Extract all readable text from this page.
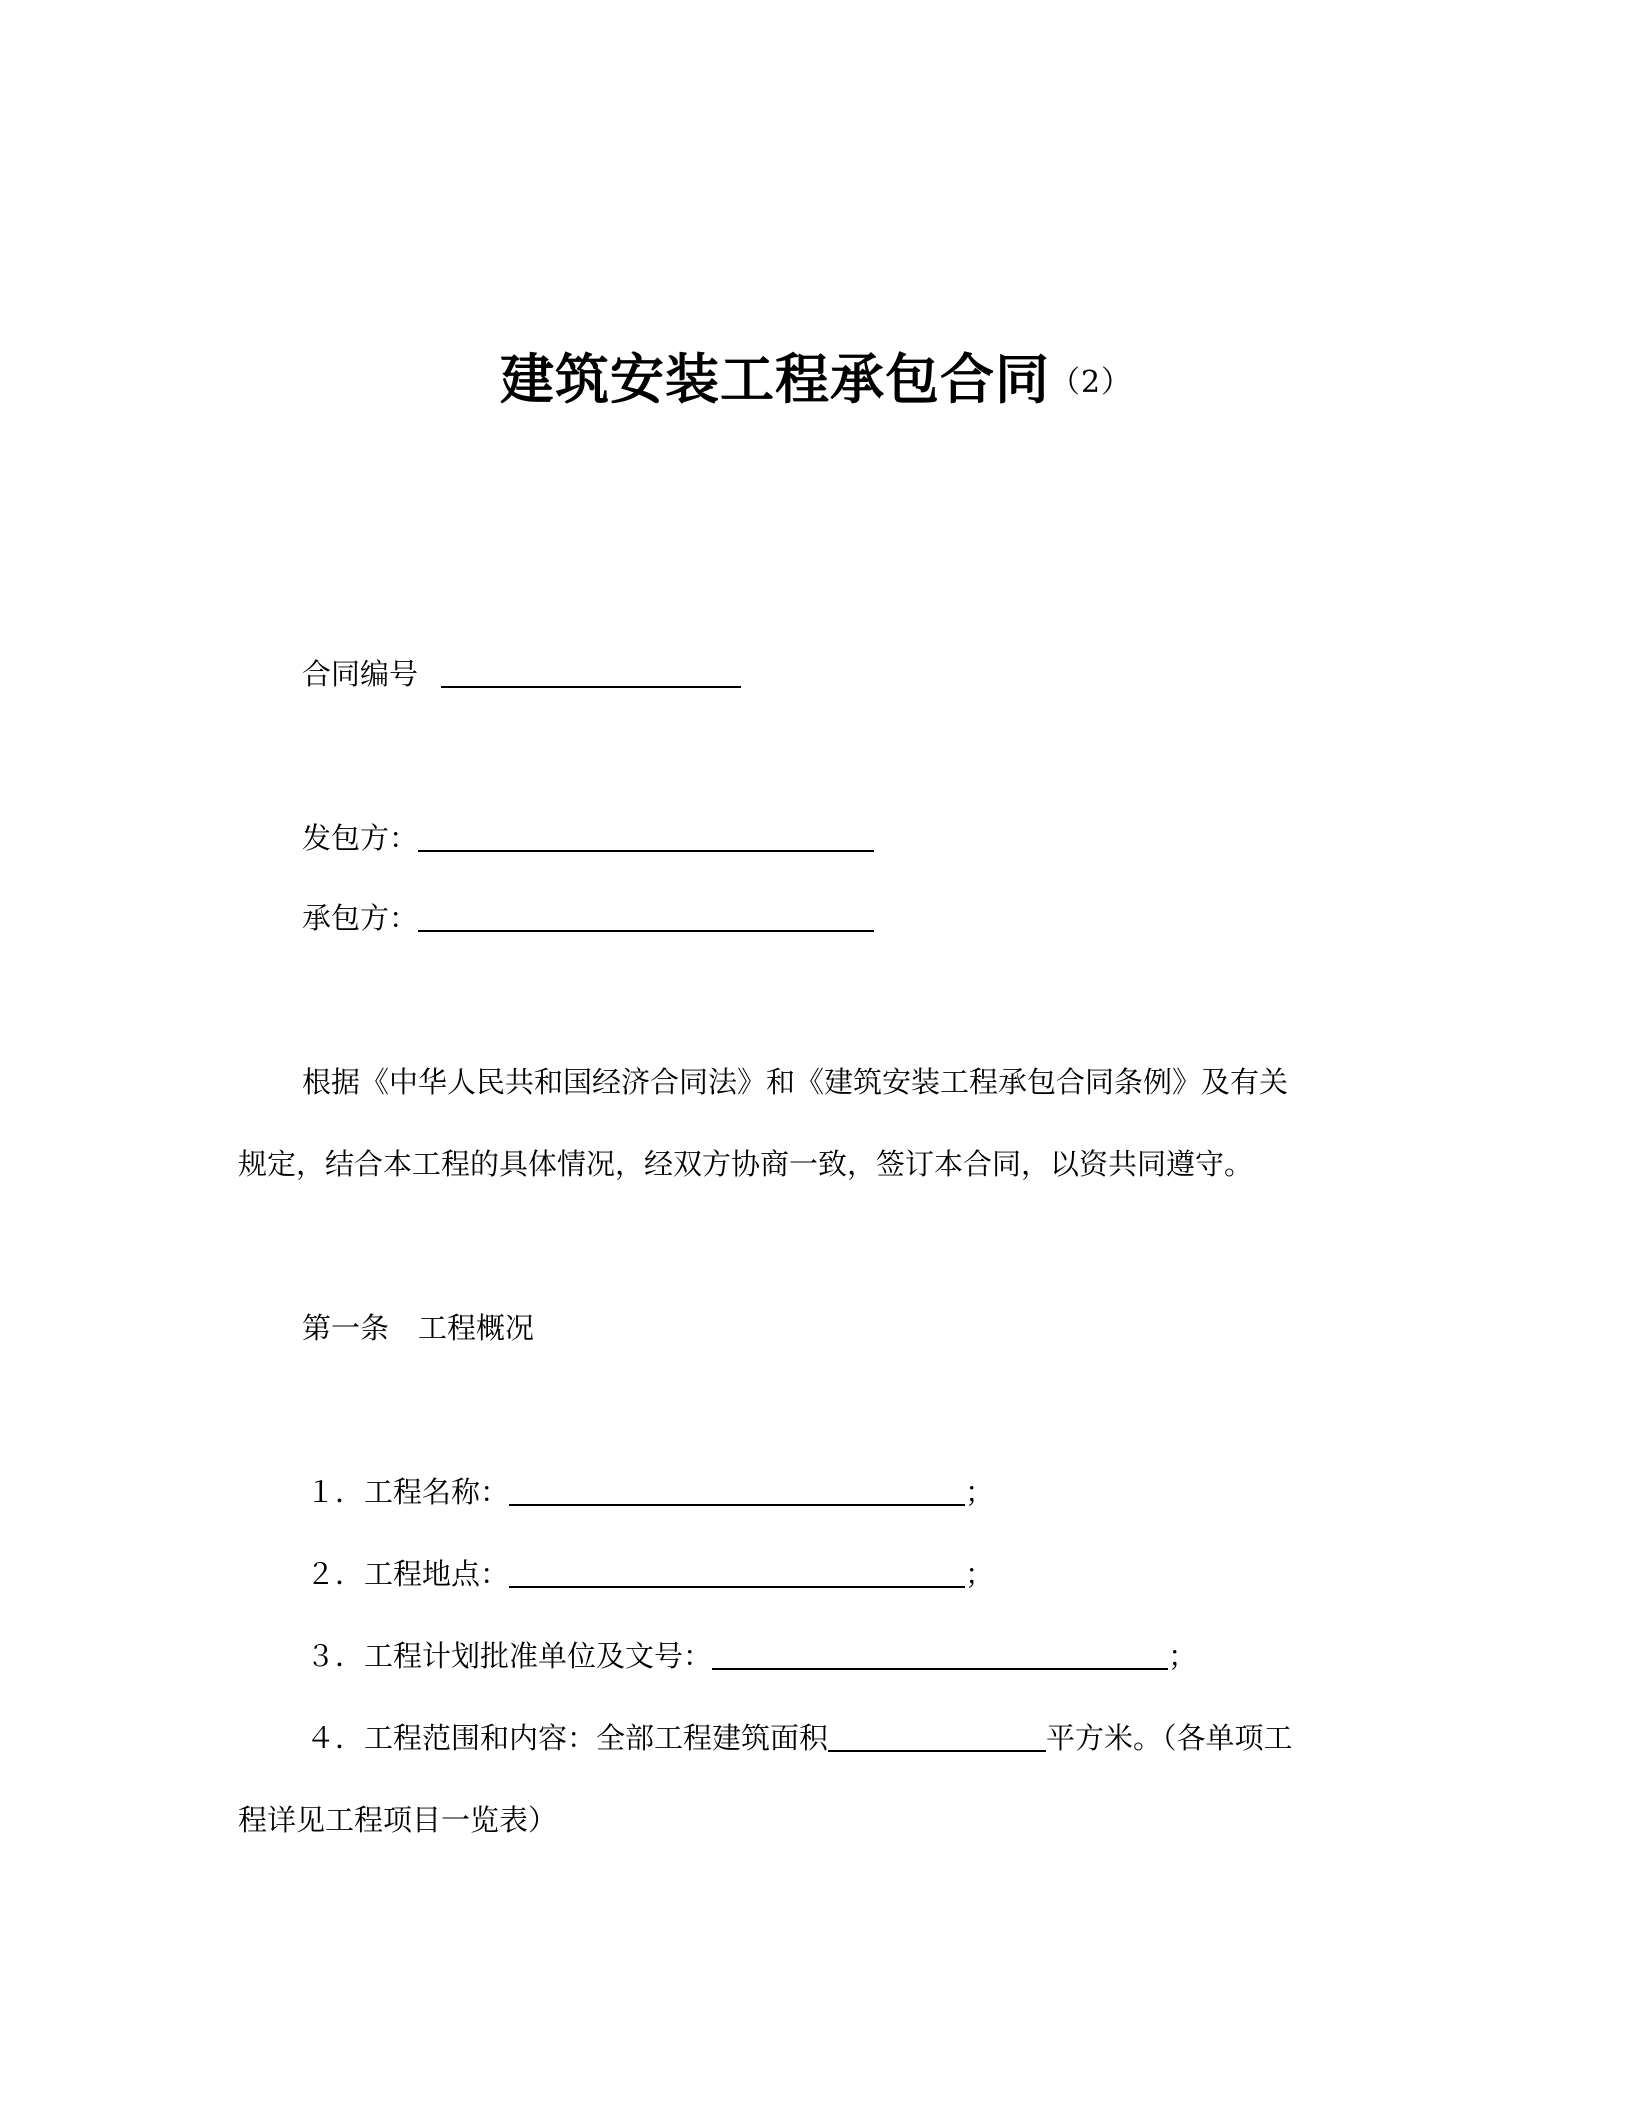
建筑安装工程承包合同（2）
合同编号
发包方：
承包方：
根据《中华人民共和国经济合同法》和《建筑安装工程承包合同条例》及有关
规定，结合本工程的具体情况，经双方协商一致，签订本合同，以资共同遵守。
第一条　工程概况
１．工程名称：	；
２．工程地点：	；
３．工程计划批准单位及文号：	；
４．工程范围和内容：全部工程建筑面积	平方米。（各单项工
程详见工程项目一览表）
